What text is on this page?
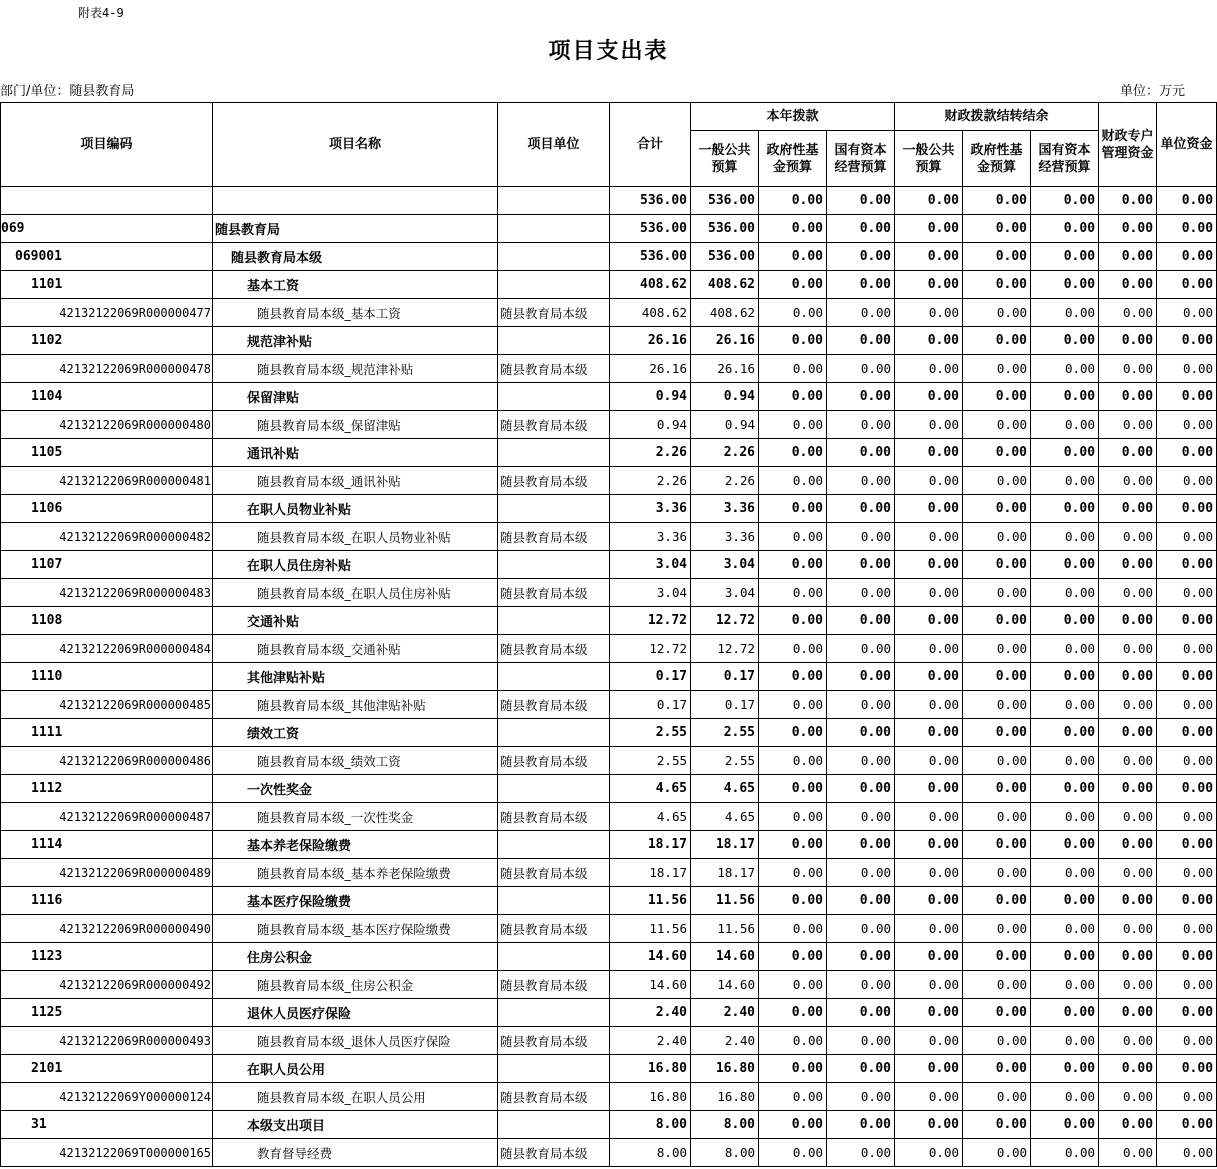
附表4-9
项目支出表
部门/单位：随县教育局	单位：万元
项目编码	项目名称	项目单位	合计	本年拨款			财政拨款结转结余			财政专户管理资金	单位资金
				一般公共预算	政府性基金预算	国有资本经营预算	一般公共预算	政府性基金预算	国有资本经营预算		
			536.00	536.00	0.00	0.00	0.00	0.00	0.00	0.00	0.00
069	随县教育局		536.00	536.00	0.00	0.00	0.00	0.00	0.00	0.00	0.00
069001	随县教育局本级		536.00	536.00	0.00	0.00	0.00	0.00	0.00	0.00	0.00
1101	基本工资		408.62	408.62	0.00	0.00	0.00	0.00	0.00	0.00	0.00
42132122069R000000477	随县教育局本级_基本工资	随县教育局本级	408.62	408.62	0.00	0.00	0.00	0.00	0.00	0.00	0.00
1102	规范津补贴		26.16	26.16	0.00	0.00	0.00	0.00	0.00	0.00	0.00
42132122069R000000478	随县教育局本级_规范津补贴	随县教育局本级	26.16	26.16	0.00	0.00	0.00	0.00	0.00	0.00	0.00
1104	保留津贴		0.94	0.94	0.00	0.00	0.00	0.00	0.00	0.00	0.00
42132122069R000000480	随县教育局本级_保留津贴	随县教育局本级	0.94	0.94	0.00	0.00	0.00	0.00	0.00	0.00	0.00
1105	通讯补贴		2.26	2.26	0.00	0.00	0.00	0.00	0.00	0.00	0.00
42132122069R000000481	随县教育局本级_通讯补贴	随县教育局本级	2.26	2.26	0.00	0.00	0.00	0.00	0.00	0.00	0.00
1106	在职人员物业补贴		3.36	3.36	0.00	0.00	0.00	0.00	0.00	0.00	0.00
42132122069R000000482	随县教育局本级_在职人员物业补贴	随县教育局本级	3.36	3.36	0.00	0.00	0.00	0.00	0.00	0.00	0.00
1107	在职人员住房补贴		3.04	3.04	0.00	0.00	0.00	0.00	0.00	0.00	0.00
42132122069R000000483	随县教育局本级_在职人员住房补贴	随县教育局本级	3.04	3.04	0.00	0.00	0.00	0.00	0.00	0.00	0.00
1108	交通补贴		12.72	12.72	0.00	0.00	0.00	0.00	0.00	0.00	0.00
42132122069R000000484	随县教育局本级_交通补贴	随县教育局本级	12.72	12.72	0.00	0.00	0.00	0.00	0.00	0.00	0.00
1110	其他津贴补贴		0.17	0.17	0.00	0.00	0.00	0.00	0.00	0.00	0.00
42132122069R000000485	随县教育局本级_其他津贴补贴	随县教育局本级	0.17	0.17	0.00	0.00	0.00	0.00	0.00	0.00	0.00
1111	绩效工资		2.55	2.55	0.00	0.00	0.00	0.00	0.00	0.00	0.00
42132122069R000000486	随县教育局本级_绩效工资	随县教育局本级	2.55	2.55	0.00	0.00	0.00	0.00	0.00	0.00	0.00
1112	一次性奖金		4.65	4.65	0.00	0.00	0.00	0.00	0.00	0.00	0.00
42132122069R000000487	随县教育局本级_一次性奖金	随县教育局本级	4.65	4.65	0.00	0.00	0.00	0.00	0.00	0.00	0.00
1114	基本养老保险缴费		18.17	18.17	0.00	0.00	0.00	0.00	0.00	0.00	0.00
42132122069R000000489	随县教育局本级_基本养老保险缴费	随县教育局本级	18.17	18.17	0.00	0.00	0.00	0.00	0.00	0.00	0.00
1116	基本医疗保险缴费		11.56	11.56	0.00	0.00	0.00	0.00	0.00	0.00	0.00
42132122069R000000490	随县教育局本级_基本医疗保险缴费	随县教育局本级	11.56	11.56	0.00	0.00	0.00	0.00	0.00	0.00	0.00
1123	住房公积金		14.60	14.60	0.00	0.00	0.00	0.00	0.00	0.00	0.00
42132122069R000000492	随县教育局本级_住房公积金	随县教育局本级	14.60	14.60	0.00	0.00	0.00	0.00	0.00	0.00	0.00
1125	退休人员医疗保险		2.40	2.40	0.00	0.00	0.00	0.00	0.00	0.00	0.00
42132122069R000000493	随县教育局本级_退休人员医疗保险	随县教育局本级	2.40	2.40	0.00	0.00	0.00	0.00	0.00	0.00	0.00
2101	在职人员公用		16.80	16.80	0.00	0.00	0.00	0.00	0.00	0.00	0.00
42132122069Y000000124	随县教育局本级_在职人员公用	随县教育局本级	16.80	16.80	0.00	0.00	0.00	0.00	0.00	0.00	0.00
31	本级支出项目		8.00	8.00	0.00	0.00	0.00	0.00	0.00	0.00	0.00
42132122069T000000165	教育督导经费	随县教育局本级	8.00	8.00	0.00	0.00	0.00	0.00	0.00	0.00	0.00
